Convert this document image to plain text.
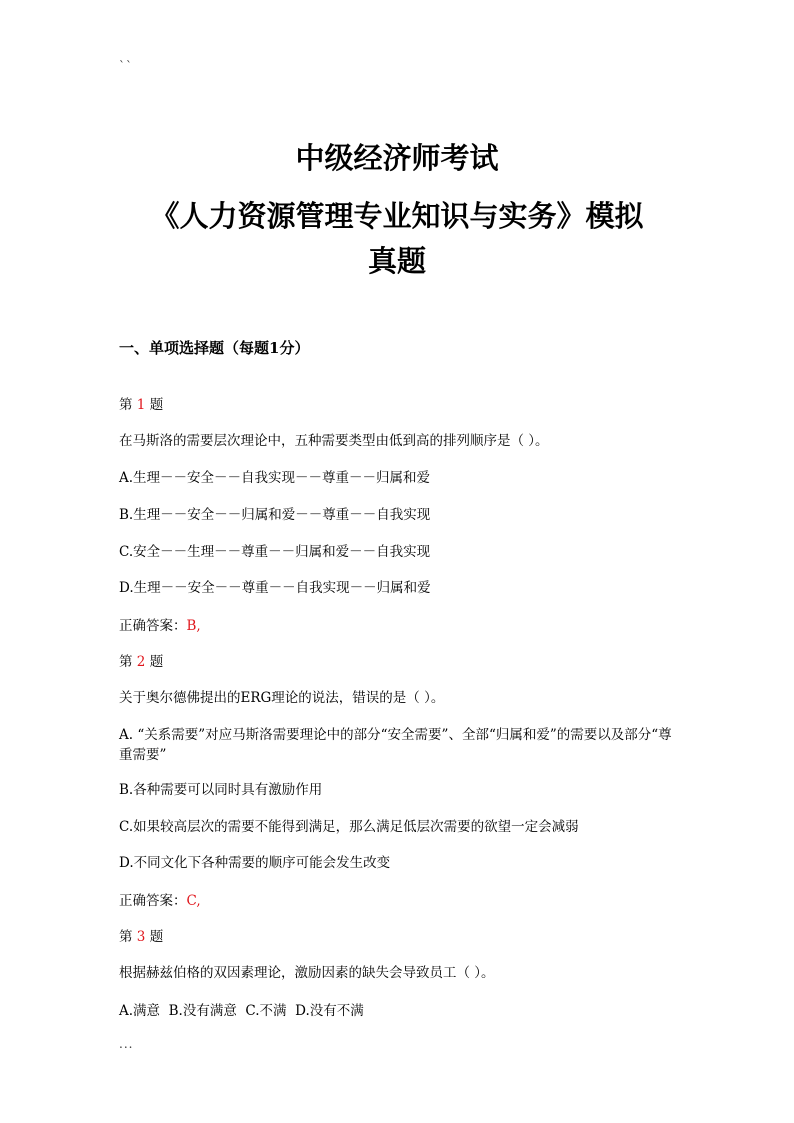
``
中级经济师考试
《人力资源管理专业知识与实务》模拟
真题
一、单项选择题（每题1分）
第 1 题
在马斯洛的需要层次理论中，五种需要类型由低到高的排列顺序是（ ）。
A.生理－－安全－－自我实现－－尊重－－归属和爱
B.生理－－安全－－归属和爱－－尊重－－自我实现
C.安全－－生理－－尊重－－归属和爱－－自我实现
D.生理－－安全－－尊重－－自我实现－－归属和爱
正确答案：B,
第 2 题
关于奥尔德佛提出的ERG理论的说法，错误的是（ ）。
A. “关系需要”对应马斯洛需要理论中的部分“安全需要”、全部“归属和爱”的需要以及部分“尊重需要”
B.各种需要可以同时具有激励作用
C.如果较高层次的需要不能得到满足，那么满足低层次需要的欲望一定会减弱
D.不同文化下各种需要的顺序可能会发生改变
正确答案：C,
第 3 题
根据赫兹伯格的双因素理论，激励因素的缺失会导致员工（ ）。
A.满意  B.没有满意  C.不满  D.没有不满
...
